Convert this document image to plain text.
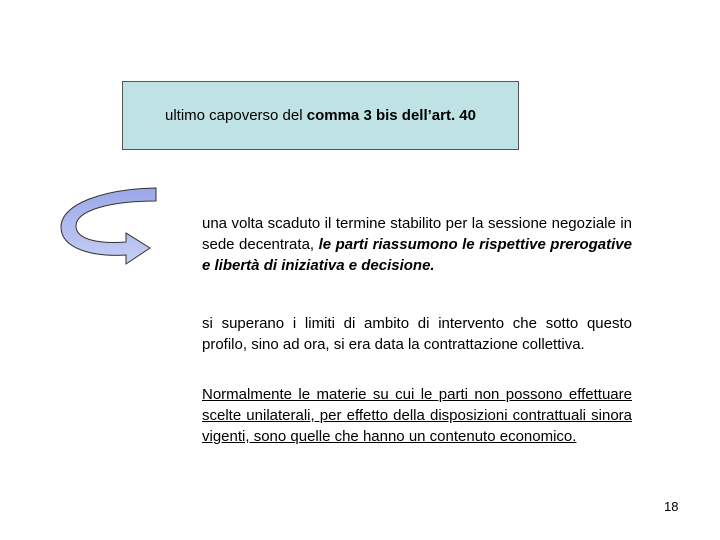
ultimo capoverso del comma 3 bis dell’art. 40
una volta scaduto il termine stabilito per la sessione negoziale in sede decentrata, le parti riassumono le rispettive prerogative e libertà di iniziativa e decisione.
si superano i limiti di ambito di intervento che sotto questo profilo, sino ad ora, si era data la contrattazione collettiva.
Normalmente le materie su cui le parti non possono effettuare scelte unilaterali, per effetto della disposizioni contrattuali sinora vigenti, sono quelle che hanno un contenuto economico.
18
